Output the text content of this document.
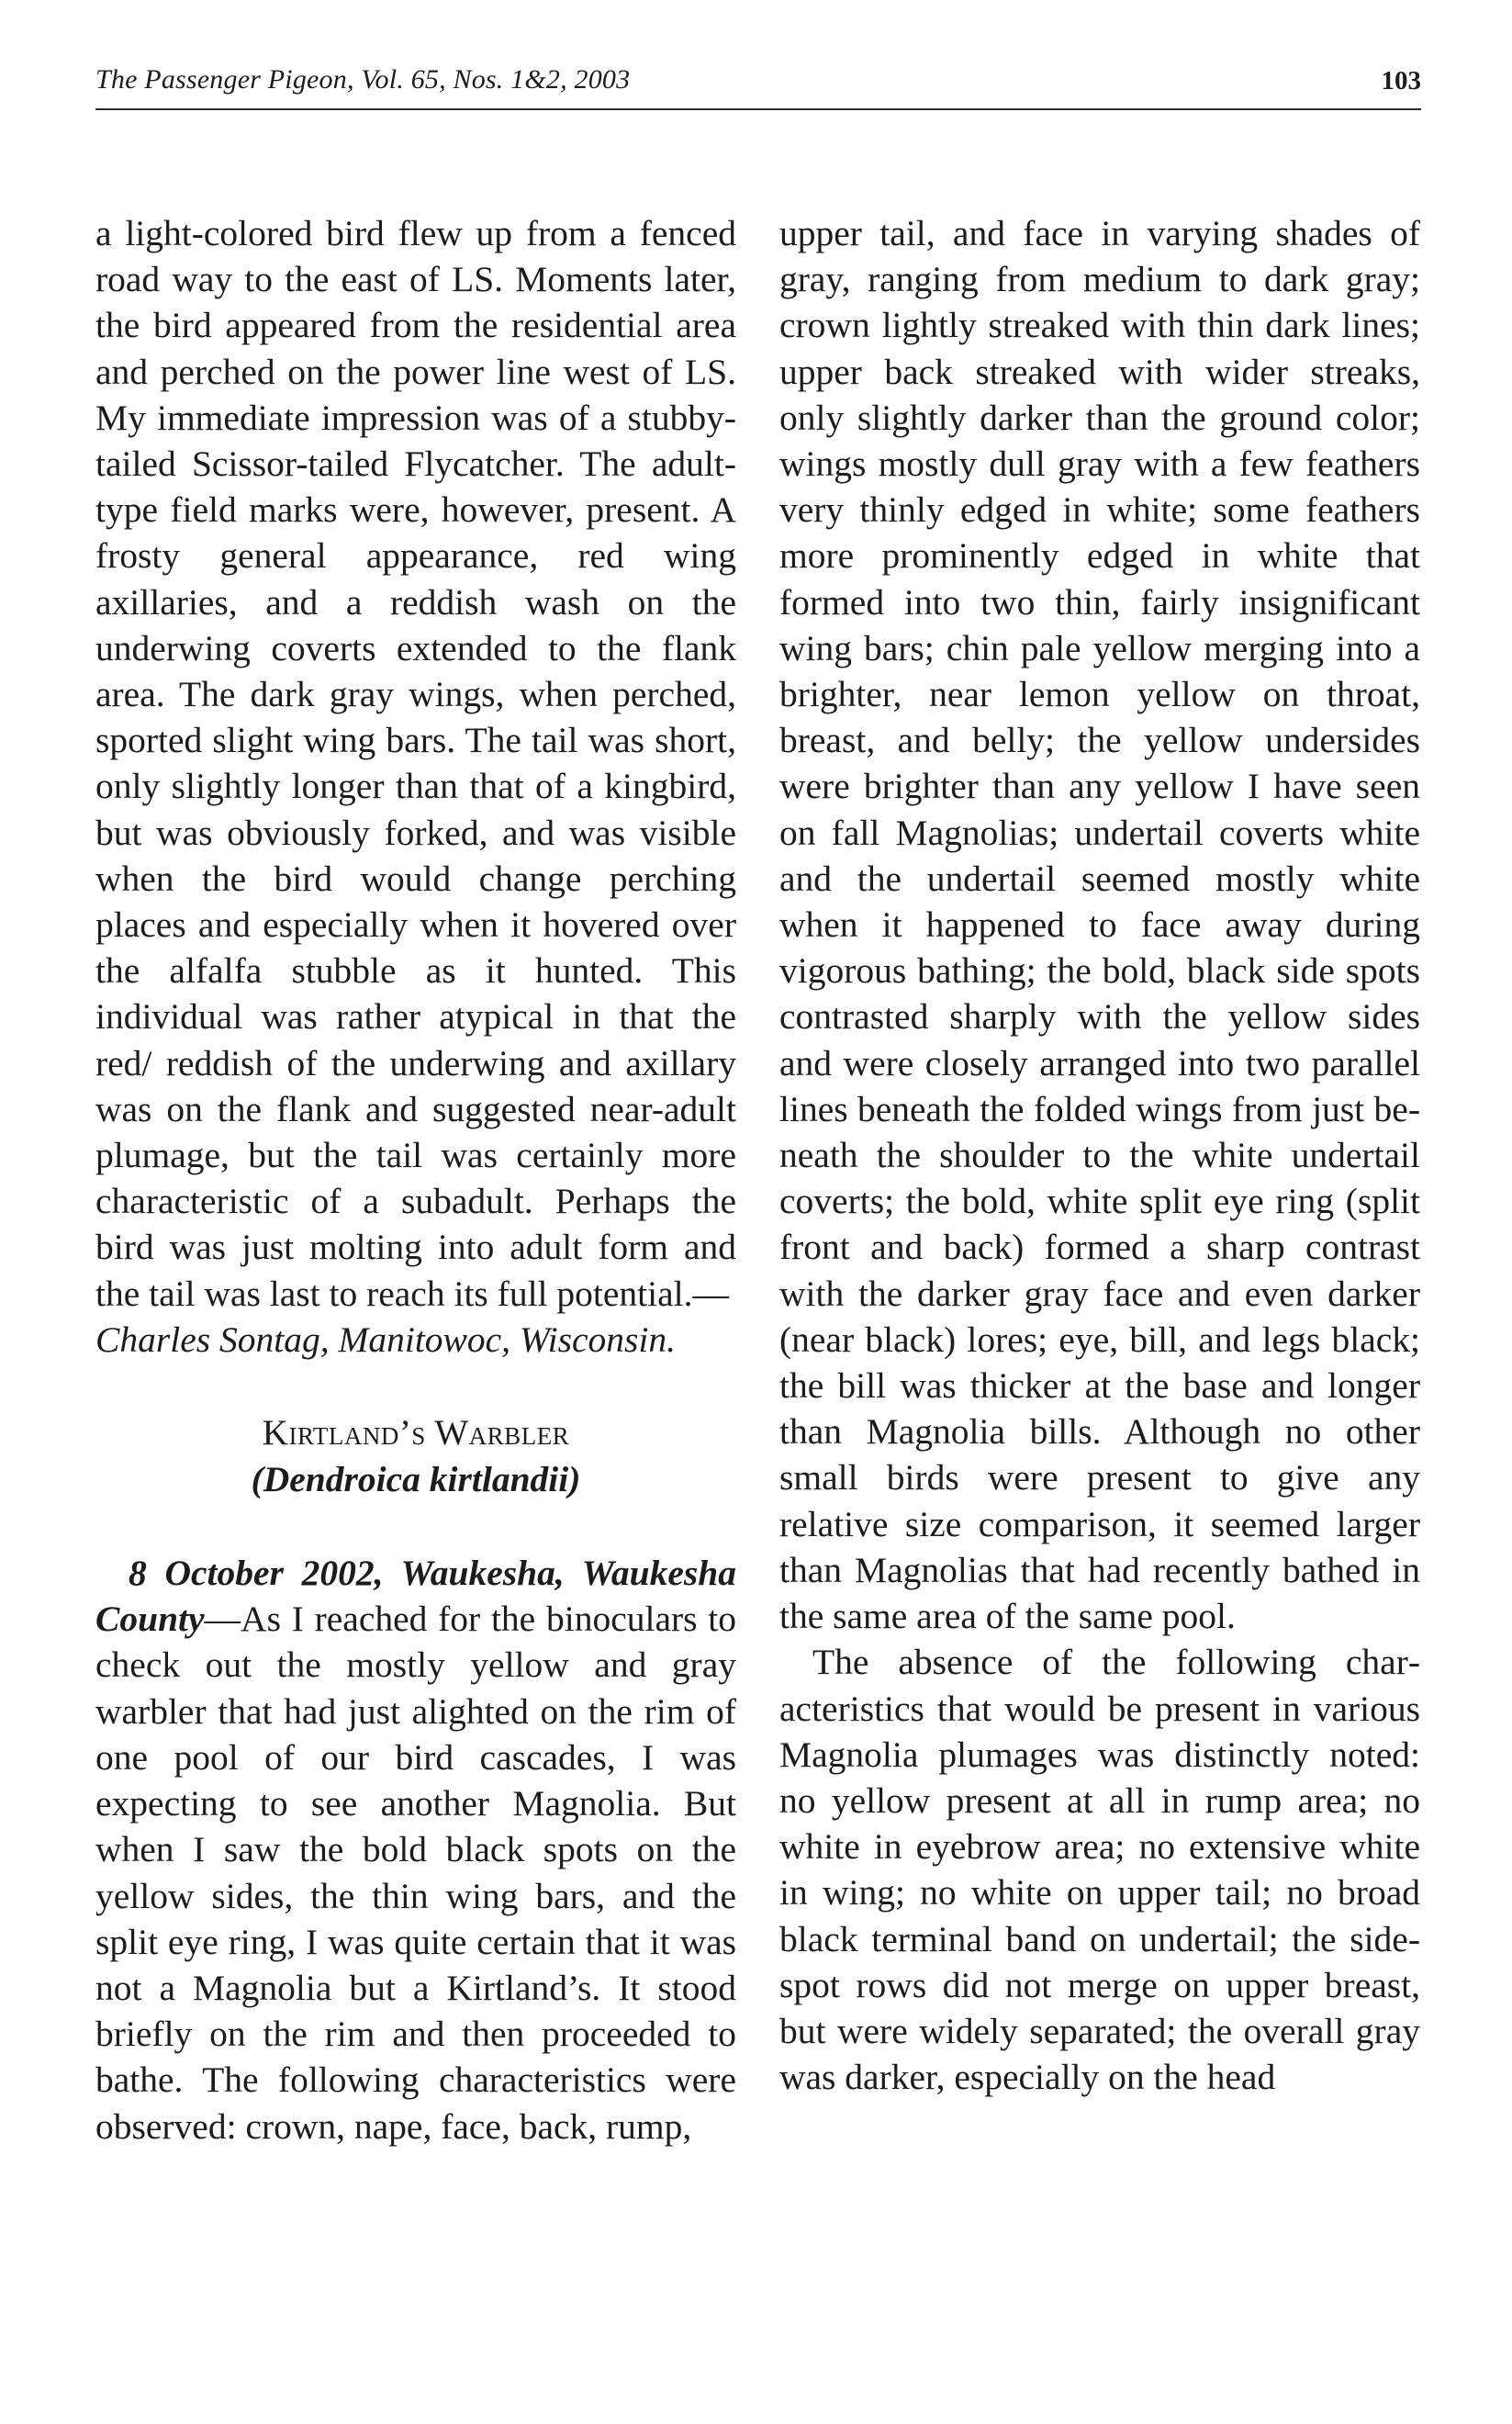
The Passenger Pigeon, Vol. 65, Nos. 1&2, 2003	103

a light-colored bird flew up from a fenced road way to the east of LS. Moments later, the bird appeared from the residential area and perched on the power line west of LS. My immediate impression was of a stubby-tailed Scissor-tailed Flycatcher. The adult-type field marks were, however, present. A frosty general appearance, red wing axillaries, and a reddish wash on the underwing coverts extended to the flank area. The dark gray wings, when perched, sported slight wing bars. The tail was short, only slightly longer than that of a kingbird, but was obviously forked, and was visible when the bird would change perching places and especially when it hovered over the alfalfa stubble as it hunted. This individual was rather atypical in that the red/ reddish of the underwing and axillary was on the flank and suggested near-adult plumage, but the tail was certainly more characteristic of a subadult. Perhaps the bird was just molting into adult form and the tail was last to reach its full potential.—

Charles Sontag, Manitowoc, Wisconsin.

Kirtland’s Warbler
(Dendroica kirtlandii)

8 October 2002, Waukesha, Waukesha County—As I reached for the binoculars to check out the mostly yellow and gray warbler that had just alighted on the rim of one pool of our bird cascades, I was expecting to see another Magnolia. But when I saw the bold black spots on the yellow sides, the thin wing bars, and the split eye ring, I was quite certain that it was not a Magnolia but a Kirtland’s. It stood briefly on the rim and then proceeded to bathe. The following characteristics were observed: crown, nape, face, back, rump,

upper tail, and face in varying shades of gray, ranging from medium to dark gray; crown lightly streaked with thin dark lines; upper back streaked with wider streaks, only slightly darker than the ground color; wings mostly dull gray with a few feathers very thinly edged in white; some feathers more prominently edged in white that formed into two thin, fairly insignificant wing bars; chin pale yellow merging into a brighter, near lemon yellow on throat, breast, and belly; the yellow undersides were brighter than any yellow I have seen on fall Magnolias; undertail coverts white and the undertail seemed mostly white when it happened to face away during vigorous bathing; the bold, black side spots contrasted sharply with the yellow sides and were closely arranged into two parallel lines beneath the folded wings from just beneath the shoulder to the white undertail coverts; the bold, white split eye ring (split front and back) formed a sharp contrast with the darker gray face and even darker (near black) lores; eye, bill, and legs black; the bill was thicker at the base and longer than Magnolia bills. Although no other small birds were present to give any relative size comparison, it seemed larger than Magnolias that had recently bathed in the same area of the same pool.

The absence of the following characteristics that would be present in various Magnolia plumages was distinctly noted: no yellow present at all in rump area; no white in eyebrow area; no extensive white in wing; no white on upper tail; no broad black terminal band on undertail; the side-spot rows did not merge on upper breast, but were widely separated; the overall gray was darker, especially on the head
